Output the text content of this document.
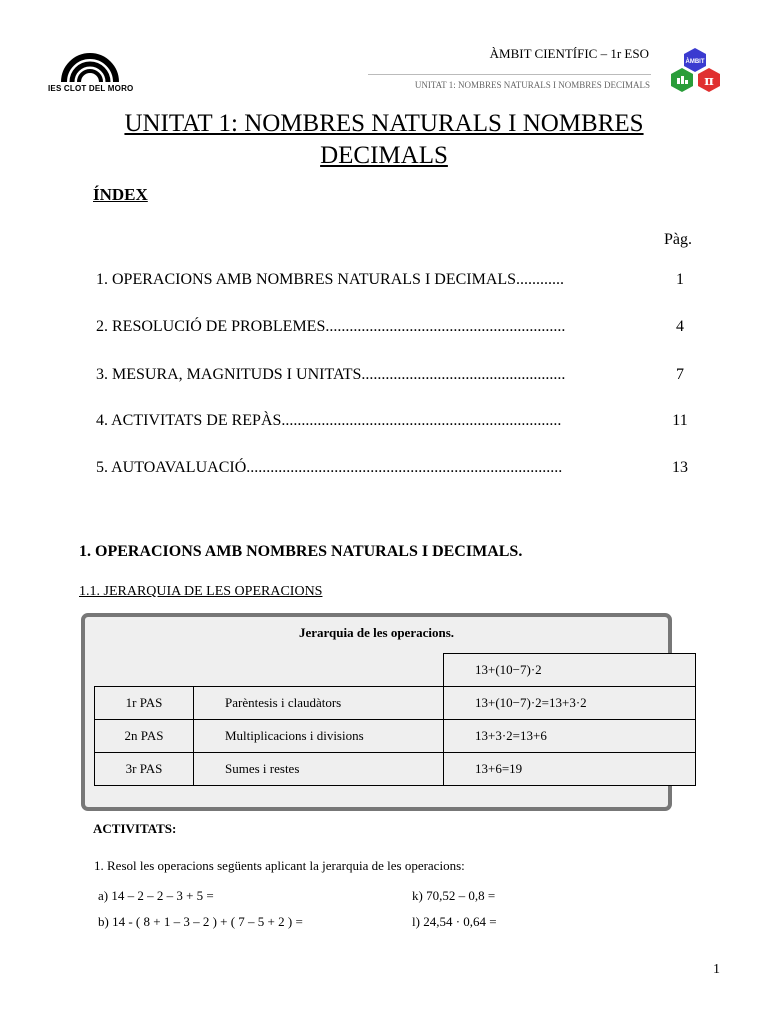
IES CLOT DEL MORO
ÀMBIT CIENTÍFIC – 1r ESO
UNITAT 1: NOMBRES NATURALS I NOMBRES DECIMALS
ÀMBIT
π
UNITAT 1: NOMBRES NATURALS I NOMBRES
DECIMALS
ÍNDEX
Pàg.
1. OPERACIONS AMB NOMBRES NATURALS I DECIMALS............	1
2. RESOLUCIÓ DE PROBLEMES............................................................	4
3. MESURA, MAGNITUDS I UNITATS...................................................	7
4. ACTIVITATS DE REPÀS......................................................................	11
5. AUTOAVALUACIÓ...............................................................................	13
1. OPERACIONS AMB NOMBRES NATURALS I DECIMALS.
1.1. JERARQUIA DE LES OPERACIONS
Jerarquia de les operacions.
		13+(10−7)·2
1r PAS	Parèntesis i claudàtors	13+(10−7)·2=13+3·2
2n PAS	Multiplicacions i divisions	13+3·2=13+6
3r PAS	Sumes i restes	13+6=19
ACTIVITATS:
1. Resol les operacions següents aplicant la jerarquia de les operacions:
a) 14 – 2 – 2 – 3 + 5 =	k) 70,52 – 0,8 =
b) 14 - ( 8 + 1 – 3 – 2 ) + ( 7 – 5 + 2 ) =	l) 24,54 · 0,64 =
1
